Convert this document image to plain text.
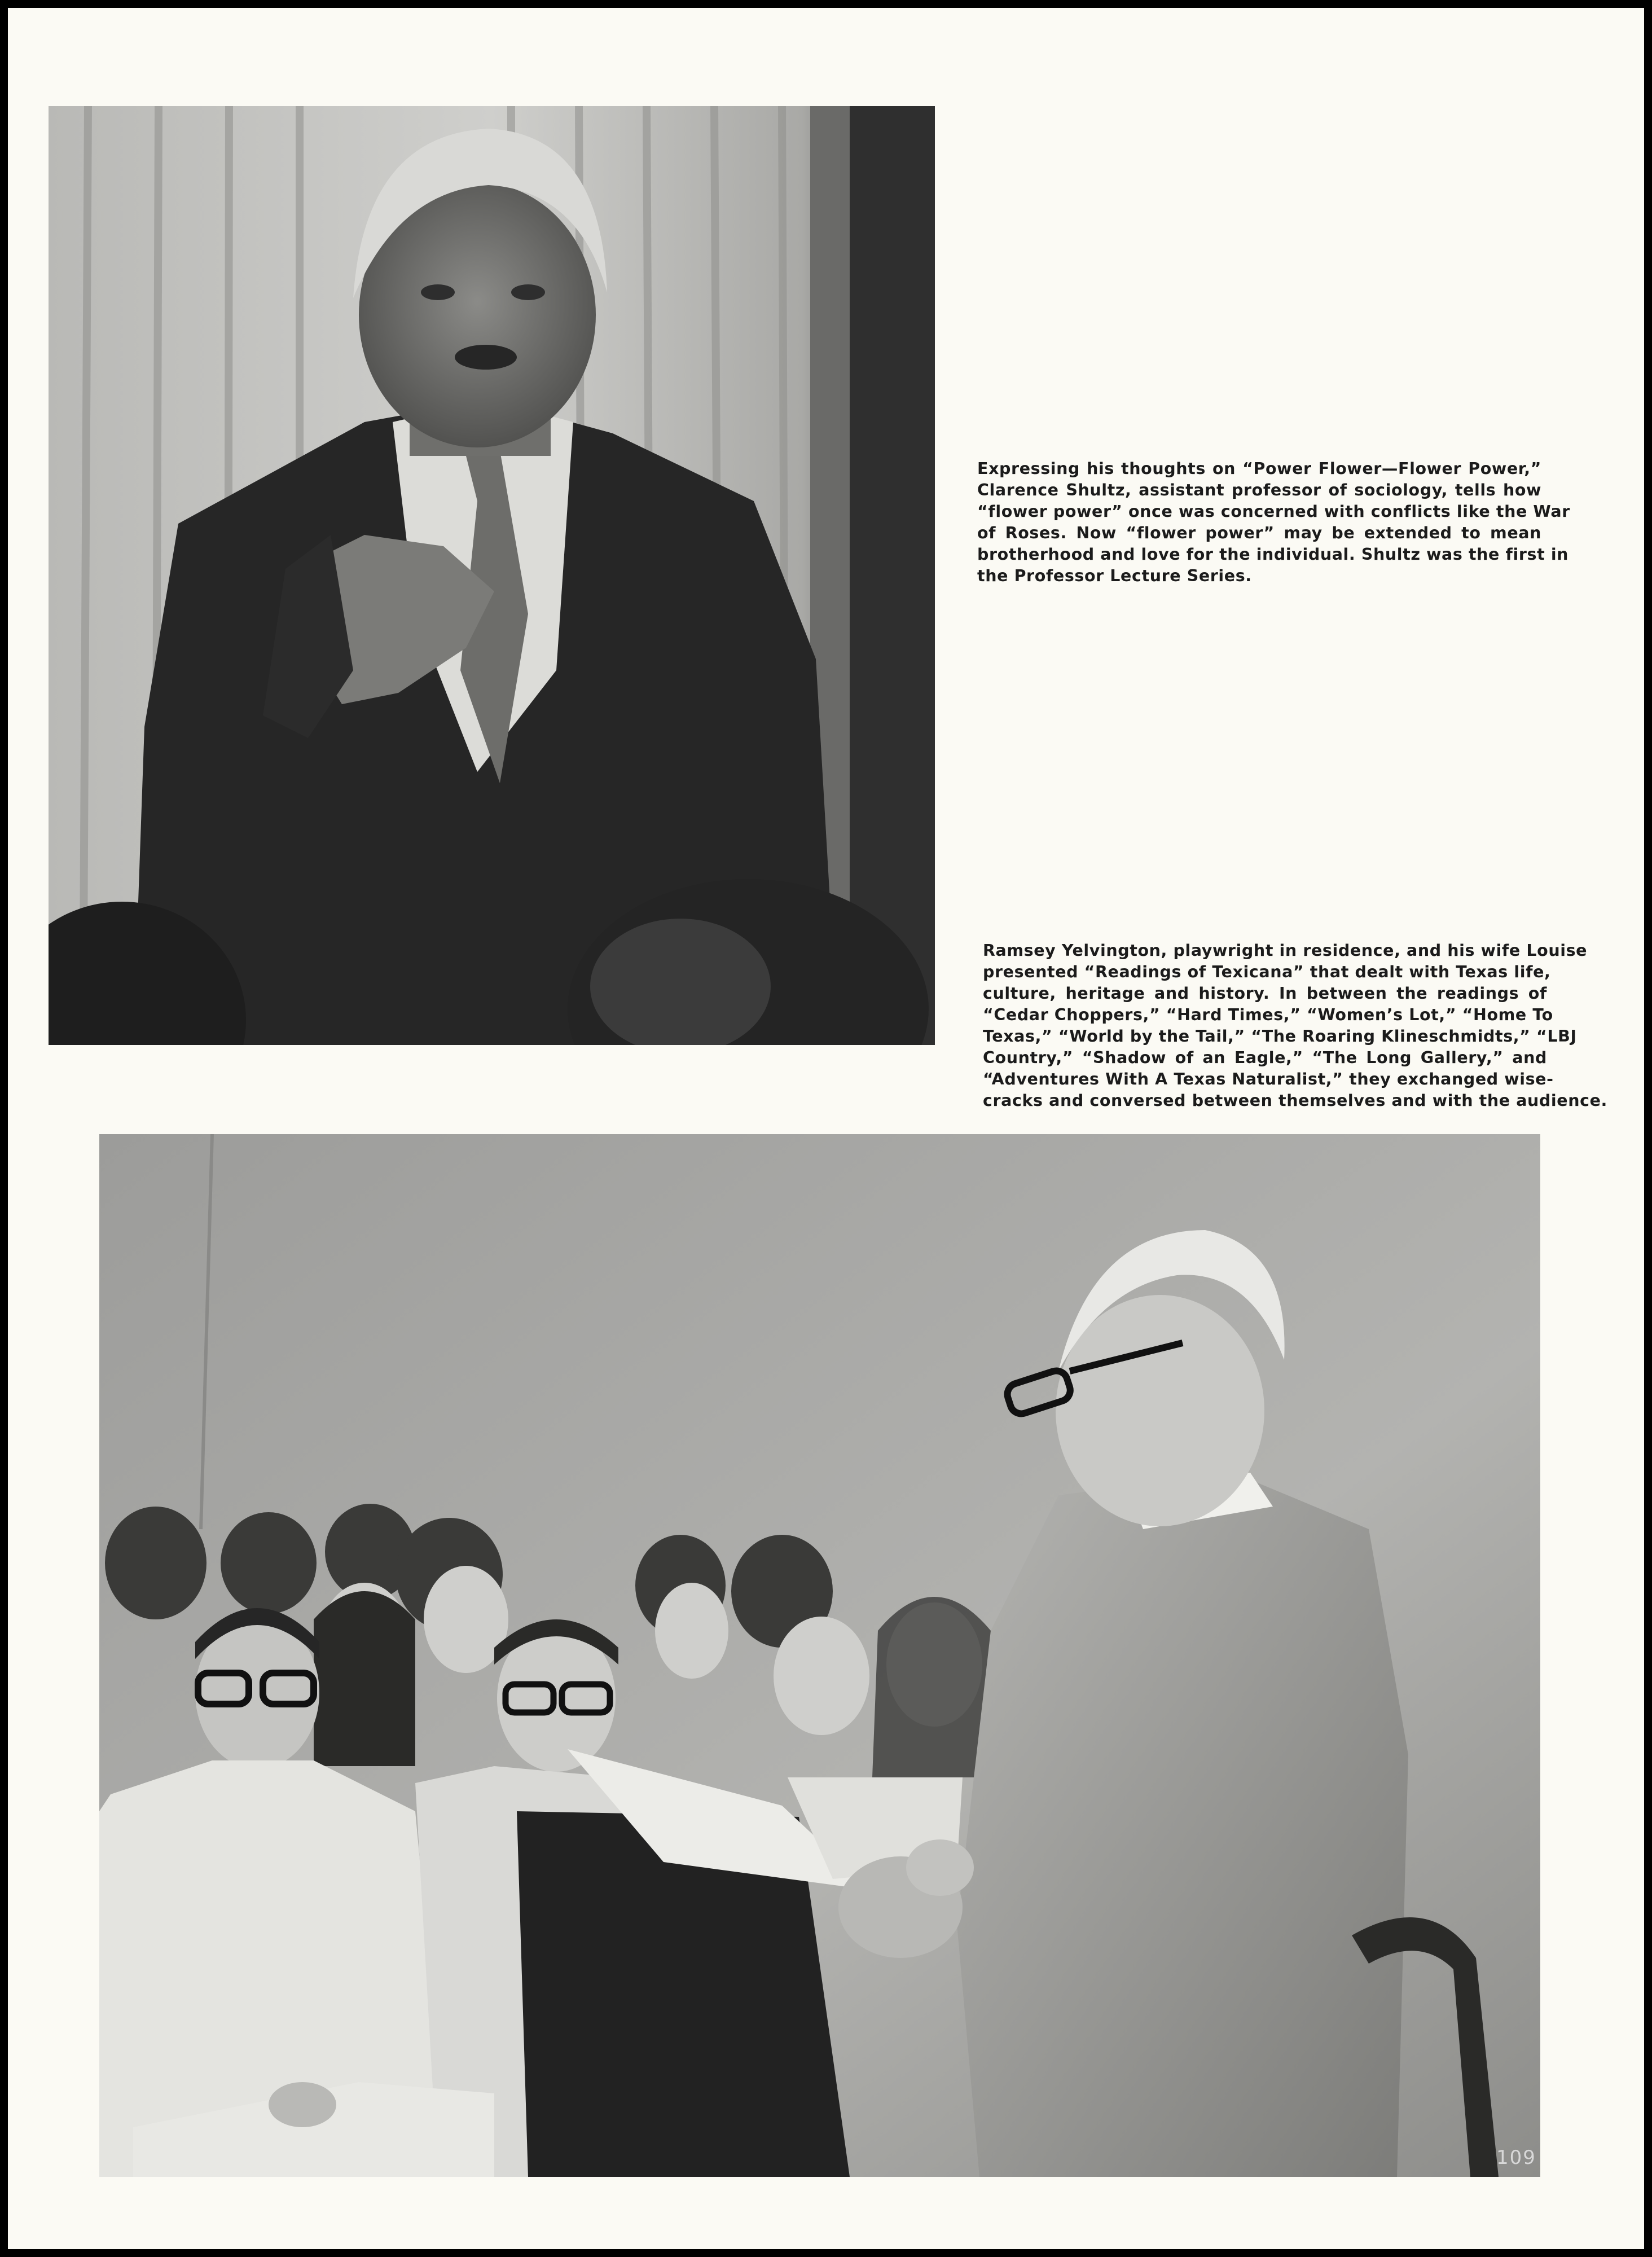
Expressing his thoughts on “Power Flower—Flower Power,”
Clarence Shultz, assistant professor of sociology, tells how
“flower power” once was concerned with conflicts like the War
of Roses. Now “flower power” may be extended to mean
brotherhood and love for the individual. Shultz was the first in
the Professor Lecture Series.

Ramsey Yelvington, playwright in residence, and his wife Louise
presented “Readings of Texicana” that dealt with Texas life,
culture, heritage and history. In between the readings of
“Cedar Choppers,” “Hard Times,” “Women’s Lot,” “Home To
Texas,” “World by the Tail,” “The Roaring Klineschmidts,” “LBJ
Country,” “Shadow of an Eagle,” “The Long Gallery,” and
“Adventures With A Texas Naturalist,” they exchanged wise-
cracks and conversed between themselves and with the audience.

109
